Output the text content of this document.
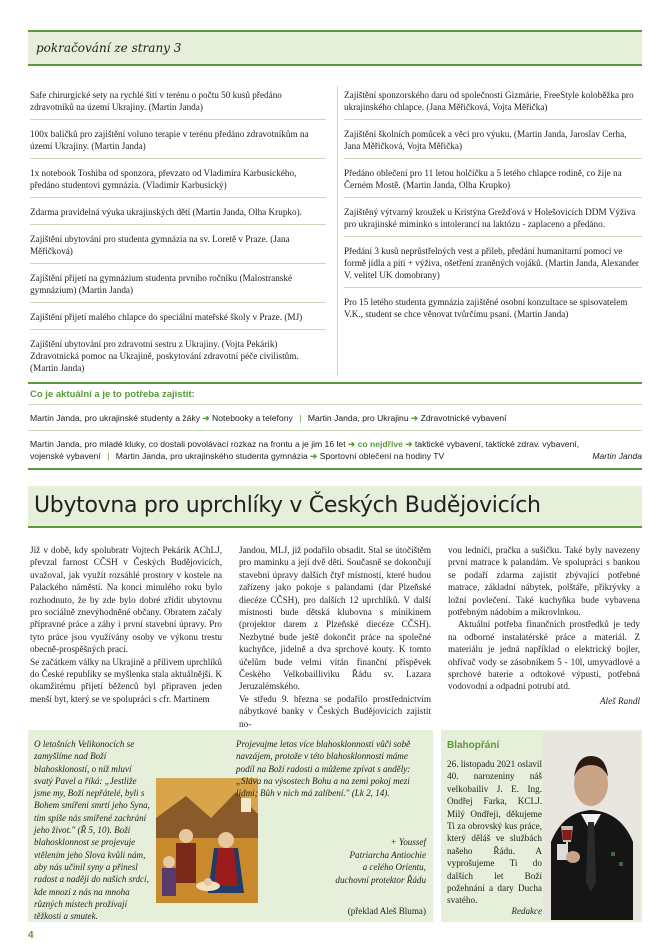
pokračování ze strany 3
Safe chirurgické sety na rychlé šití v terénu o počtu 50 kusů předáno zdravotníků na území Ukrajiny. (Martin Janda)
100x balíčků pro zajištění voluno terapie v terénu předáno zdravotníkům na území Ukrajiny. (Martin Janda)
1x notebook Toshiba od sponzora, převzato od Vladimíra Karbusického, předáno studentovi gymnázia. (Vladimír Karbusický)
Zdarma pravidelná výuka ukrajinských dětí (Martin Janda, Olha Krupko).
Zajištění ubytování pro studenta gymnázia na sv. Loretě v Praze. (Jana Měřičková)
Zajištění přijetí na gymnázium studenta prvního ročníku (Malostranské gymnázium) (Martin Janda)
Zajištění přijetí malého chlapce do speciální mateřské školy v Praze. (MJ)
Zajištění ubytování pro zdravotní sestru z Ukrajiny. (Vojta Pekárik) Zdravotnická pomoc na Ukrajině, poskytování zdravotní péče civilistům. (Martin Janda)
Zajištění sponzorského daru od společnosti Gizmárie, FreeStyle koloběžka pro ukrajinského chlapce. (Jana Měřičková, Vojta Měřička)
Zajištění školních pomůcek a věcí pro výuku. (Martin Janda, Jaroslav Cerha, Jana Měřičková, Vojta Měřička)
Předáno oblečení pro 11 letou holčičku a 5 letého chlapce rodině, co žije na Černém Mostě. (Martin Janda, Olha Krupko)
Zajištěný výtvarný kroužek u Kristýna Grežďová v Holešovicích DDM Výživa pro ukrajinské miminko s intolerancí na laktózu - zaplaceno a předáno.
Předání 3 kusů neprůstřelných vest a přileb, předání humanitarní pomoci ve formě jídla a pití + výživa, ošetření zraněných vojáků. (Martin Janda, Alexander V. velitel UK domobrany)
Pro 15 letého studenta gymnázia zajištěné osobní konzultace se spisovatelem V.K., student se chce věnovat tvůrčímu psaní. (Martin Janda)
Co je aktuální a je to potřeba zajistit:
Martin Janda, pro ukrajinské studenty a žáky ➔ Notebooky a telefony | Martin Janda, pro Ukrajinu ➔ Zdravotnické vybavení
Martin Janda, pro mladé kluky, co dostali povolávací rozkaz na frontu a je jim 16 let ➔ co nejdříve ➔ taktické vybavení, taktické zdrav. vybavení,
vojenské vybavení | Martin Janda, pro ukrajinského studenta gymnázia ➔ Sportovní oblečení na hodiny TV	Martin Janda
Ubytovna pro uprchlíky v Českých Budějovicích

Již v době, kdy spolubratr Vojtech Pekárik AChLJ, převzal farnost CČSH v Českých Budějovicích, uvažoval, jak využít rozsáhlé prostory v kostele na Palackého náměstí. Na konci minulého roku bylo rozhodnuto, že by zde bylo dobré zřídit ubytovnu pro sociálně znevýhodněné občany. Obratem začaly přípravné práce a záhy i první stavební úpravy. Pro tyto práce jsou využívány osoby ve výkonu trestu obecně-prospěšných prací.

Se začátkem války na Ukrajině a přílivem uprchlíků do České republiky se myšlenka stala aktuálnější. K okamžitému přijetí běženců byl připraven jeden menší byt, který se ve spolupráci s cfr. Martinem

Jandou, MLJ, již podařilo obsadit. Stal se útočištěm pro maminku a její dvě děti. Současně se dokončují stavební úpravy dalších čtyř místností, které budou zařízeny jako pokoje s palandami (dar Plzeňské diecéze CČSH), pro dalších 12 uprchlíků. V další místnosti bude dětská klubovna s minikinem (projektor darem z Plzeňské diecéze CČSH). Nezbytné bude ještě dokončit práce na společné kuchyňce, jídelně a dva sprchové kouty. K tomto účelům bude velmi vítán finanční příspěvek Českého Velkobailliviku Řádu sv. Lazara Jeruzalémského.

Ve středu 9. března se podařilo prostřednictvím nábytkové banky v Českých Budějovicích zajistit no-

vou ledničí, pračku a sušičku. Také byly navezeny první matrace k palandám. Ve spolupráci s bankou se podaří zdarma zajistit zbývající potřebné matrace, základní nábytek, polštáře, přikrývky a ložní povlečení. Také kuchyňka bude vybavena potřebným nádobím a mikrovlnkou.

Aktuální potřeba finančních prostředků je tedy na odborné instalatérské práce a materiál. Z materiálu je jedná například o elektrický bojler, ohřívač vody se zásobníkem 5 - 10l, umyvadlové a sprchové baterie a odtokové výpusti, potřebná vodovodní a odpadní potrubí atd.

Aleš Randl

O letošních Velikonocích se zamyšlíme nad Boží blahoskloností, o níž mluví svatý Pavel a říká: „Jestliže jsme my, Boží nepřátelé, byli s Bohem smířeni smrtí jeho Syna, tím spíše nás smířené zachrání jeho život." (Ř 5, 10). Boží blahosklonnost se projevuje vtělením jeho Slova kvůli nám, aby nás učinil syny a přinesl radost a naději do našich srdcí, kde mnozí z nás na mnoha různých místech prožívají těžkosti a smutek.
Projevujme letos více blahosklonnosti vůči sobě navzájem, protože v této blahosklonnosti máme podíl na Boží radosti a můžeme zpívat s anděly: „Sláva na výsostech Bohu a na zemi pokoj mezi lidmi; Bůh v nich má zalíbení." (Lk 2, 14).
+ Youssef
Patriarcha Antiochie
a celého Orientu,
duchovní protektor Řádu
(překlad Aleš Bluma)
Blahopřání
26. listopadu 2021 oslavil 40. narozeniny náš velkobailiv J. E. Ing. Ondřej Farka, KCLJ. Milý Ondřeji, děkujeme Ti za obrovský kus práce, který děláš ve službách našeho Řádu. A vyprošujeme Ti do dalších let Boží požehnání a dary Ducha svatého.
Redakce
4
